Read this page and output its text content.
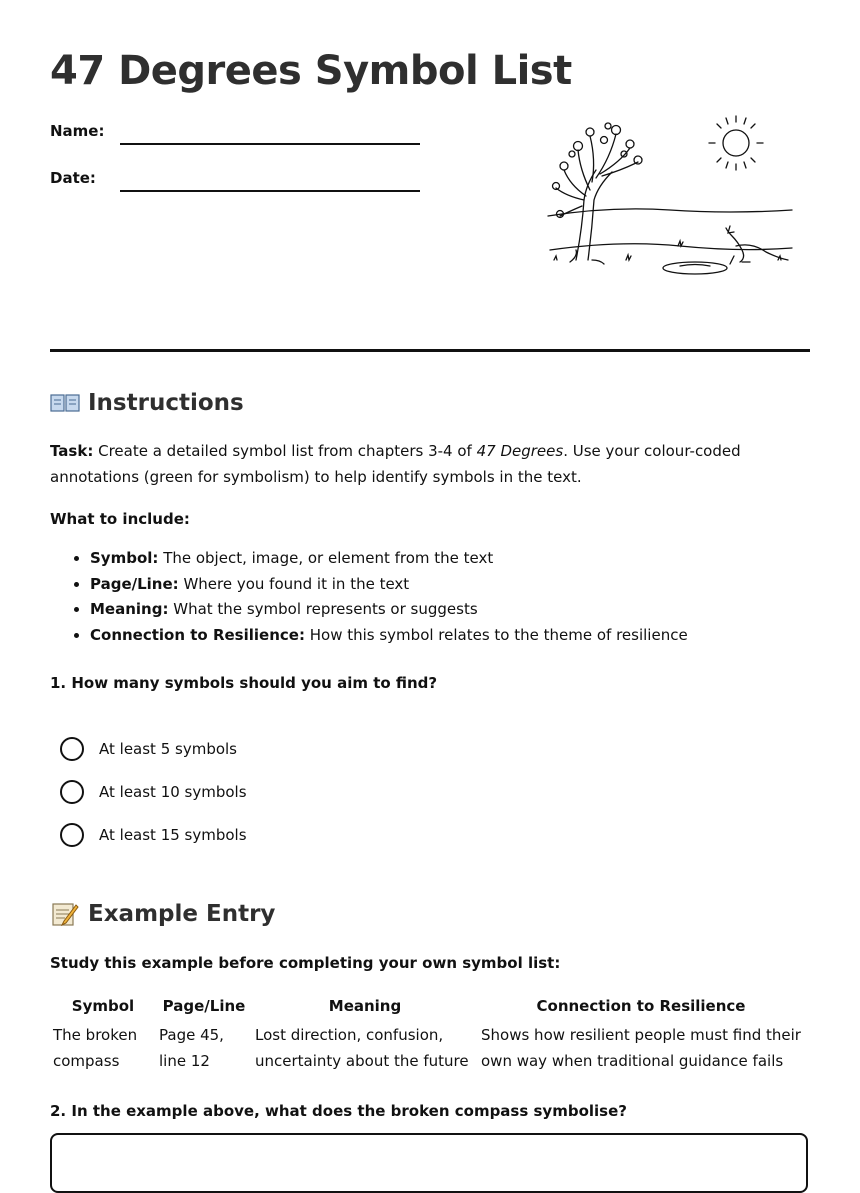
47 Degrees Symbol List
Name:
Date:
Instructions
Task: Create a detailed symbol list from chapters 3-4 of 47 Degrees. Use your colour-coded annotations (green for symbolism) to help identify symbols in the text.
What to include:
• Symbol: The object, image, or element from the text
• Page/Line: Where you found it in the text
• Meaning: What the symbol represents or suggests
• Connection to Resilience: How this symbol relates to the theme of resilience
1. How many symbols should you aim to find?
At least 5 symbols
At least 10 symbols
At least 15 symbols
Example Entry
Study this example before completing your own symbol list:
Symbol	Page/Line	Meaning	Connection to Resilience
The broken compass	Page 45, line 12	Lost direction, confusion, uncertainty about the future	Shows how resilient people must find their own way when traditional guidance fails
2. In the example above, what does the broken compass symbolise?
